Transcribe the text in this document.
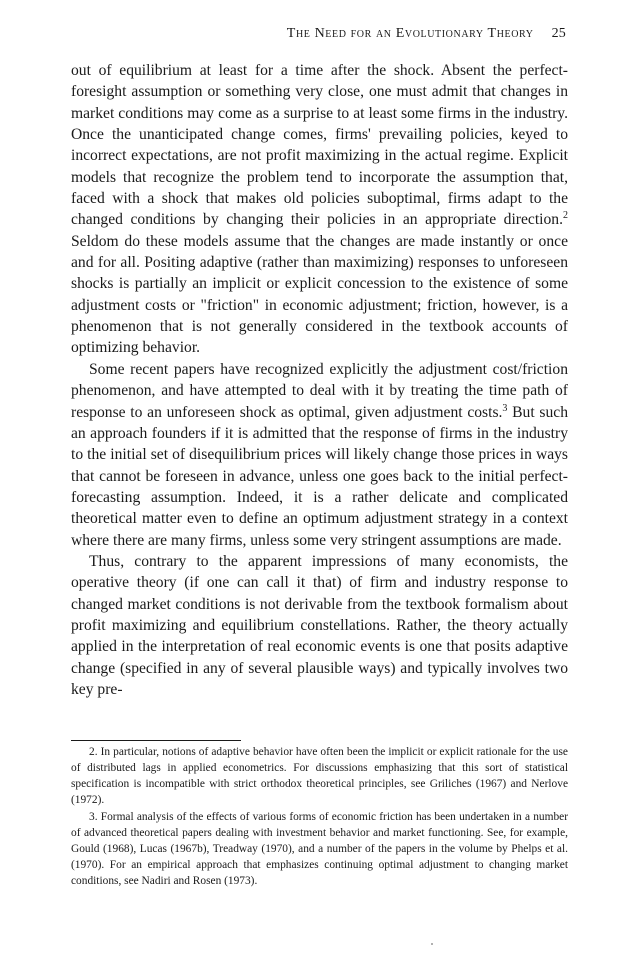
The Need for an Evolutionary Theory 25

out of equilibrium at least for a time after the shock. Absent the perfect-foresight assumption or something very close, one must admit that changes in market conditions may come as a surprise to at least some firms in the industry. Once the unanticipated change comes, firms' prevailing policies, keyed to incorrect expectations, are not profit maximizing in the actual regime. Explicit models that recognize the problem tend to incorporate the assumption that, faced with a shock that makes old policies suboptimal, firms adapt to the changed conditions by changing their policies in an appropriate direction.$^2$ Seldom do these models assume that the changes are made instantly or once and for all. Positing adaptive (rather than maximizing) responses to unforeseen shocks is partially an implicit or explicit concession to the existence of some adjustment costs or "friction" in economic adjustment; friction, however, is a phenomenon that is not generally considered in the textbook accounts of optimizing behavior.

Some recent papers have recognized explicitly the adjustment cost/friction phenomenon, and have attempted to deal with it by treating the time path of response to an unforeseen shock as optimal, given adjustment costs.$^3$ But such an approach founders if it is admitted that the response of firms in the industry to the initial set of disequilibrium prices will likely change those prices in ways that cannot be foreseen in advance, unless one goes back to the initial perfect-forecasting assumption. Indeed, it is a rather delicate and complicated theoretical matter even to define an optimum adjustment strategy in a context where there are many firms, unless some very stringent assumptions are made.

Thus, contrary to the apparent impressions of many economists, the operative theory (if one can call it that) of firm and industry response to changed market conditions is not derivable from the textbook formalism about profit maximizing and equilibrium constellations. Rather, the theory actually applied in the interpretation of real economic events is one that posits adaptive change (specified in any of several plausible ways) and typically involves two key pre-

2. In particular, notions of adaptive behavior have often been the implicit or explicit rationale for the use of distributed lags in applied econometrics. For discussions emphasizing that this sort of statistical specification is incompatible with strict orthodox theoretical principles, see Griliches (1967) and Nerlove (1972).

3. Formal analysis of the effects of various forms of economic friction has been undertaken in a number of advanced theoretical papers dealing with investment behavior and market functioning. See, for example, Gould (1968), Lucas (1967b), Treadway (1970), and a number of the papers in the volume by Phelps et al. (1970). For an empirical approach that emphasizes continuing optimal adjustment to changing market conditions, see Nadiri and Rosen (1973).
